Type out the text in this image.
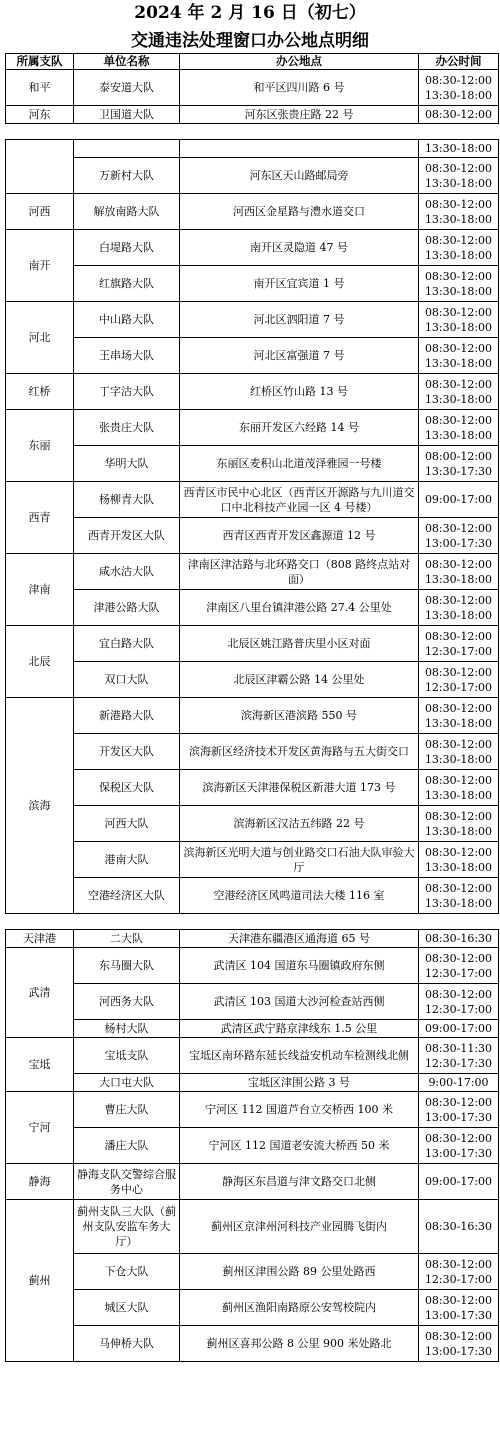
2024 年 2 月 16 日（初七）
交通违法处理窗口办公地点明细
所属支队	单位名称	办公地点	办公时间
和平	泰安道大队	和平区四川路 6 号	08:30-12:00
13:30-18:00

河东	卫国道大队	河东区张贵庄路 22 号	08:30-12:00

			13:30-18:00

	万新村大队	河东区天山路邮局旁	08:30-12:00
13:30-18:00

河西	解放南路大队	河西区金星路与澧水道交口	08:30-12:00
13:30-18:00

南开	白堤路大队	南开区灵隐道 47 号	08:30-12:00
13:30-18:00

	红旗路大队	南开区宜宾道 1 号	08:30-12:00
13:30-18:00

河北	中山路大队	河北区泗阳道 7 号	08:30-12:00
13:30-18:00

	王串场大队	河北区富强道 7 号	08:30-12:00
13:30-18:00

红桥	丁字沽大队	红桥区竹山路 13 号	08:30-12:00
13:30-18:00

东丽	张贵庄大队	东丽开发区六经路 14 号	08:30-12:00
13:30-18:00

	华明大队	东丽区麦积山北道茂泽雅园一号楼	08:00-12:00
13:30-17:30

西青	杨柳青大队	西青区市民中心北区（西青区开源路与九川道交口中北科技产业园一区 4 号楼）	09:00-17:00

	西青开发区大队	西青区西青开发区鑫源道 12 号	08:30-12:00
13:00-17:30

津南	咸水沽大队	津南区津沽路与北环路交口（808 路终点站对面）	08:30-12:00
13:30-18:00

	津港公路大队	津南区八里台镇津港公路 27.4 公里处	08:30-12:00
13:30-18:00

北辰	宜白路大队	北辰区姚江路普庆里小区对面	08:30-12:00
12:30-17:00

	双口大队	北辰区津霸公路 14 公里处	08:30-12:00
12:30-17:00

滨海	新港路大队	滨海新区港滨路 550 号	08:30-12:00
13:30-18:00

	开发区大队	滨海新区经济技术开发区黄海路与五大街交口	08:30-12:00
13:30-18:00

	保税区大队	滨海新区天津港保税区新港大道 173 号	08:30-12:00
13:30-18:00

	河西大队	滨海新区汉沽五纬路 22 号	08:30-12:00
13:30-18:00

	港南大队	滨海新区光明大道与创业路交口石油大队审验大厅	08:30-12:00
13:30-18:00

	空港经济区大队	空港经济区风鸣道司法大楼 116 室	08:30-12:00
13:30-18:00
天津港	二大队	天津港东疆港区通海道 65 号	08:30-16:30

武清	东马圈大队	武清区 104 国道东马圈镇政府东侧	08:30-12:00
12:30-17:00

	河西务大队	武清区 103 国道大沙河检查站西侧	08:30-12:00
12:30-17:00

	杨村大队	武清区武宁路京津线东 1.5 公里	09:00-17:00

宝坻	宝坻支队	宝坻区南环路东延长线益安机动车检测线北侧	08:30-11:30
12:30-17:30

	大口屯大队	宝坻区津围公路 3 号	9:00-17:00

宁河	曹庄大队	宁河区 112 国道芦台立交桥西 100 米	08:30-12:00
13:00-17:30

	潘庄大队	宁河区 112 国道老安流大桥西 50 米	08:30-12:00
13:00-17:30

静海	静海支队交警综合服务中心	静海区东昌道与津文路交口北侧	09:00-17:00

蓟州	蓟州支队三大队（蓟州支队安监车务大厅）	蓟州区京津州河科技产业园腾飞街内	08:30-16:30

	下仓大队	蓟州区津围公路 89 公里处路西	08:30-12:00
12:30-17:00

	城区大队	蓟州区渔阳南路原公安驾校院内	08:30-12:00
13:00-17:30

	马伸桥大队	蓟州区喜邦公路 8 公里 900 米处路北	08:30-12:00
13:00-17:30
